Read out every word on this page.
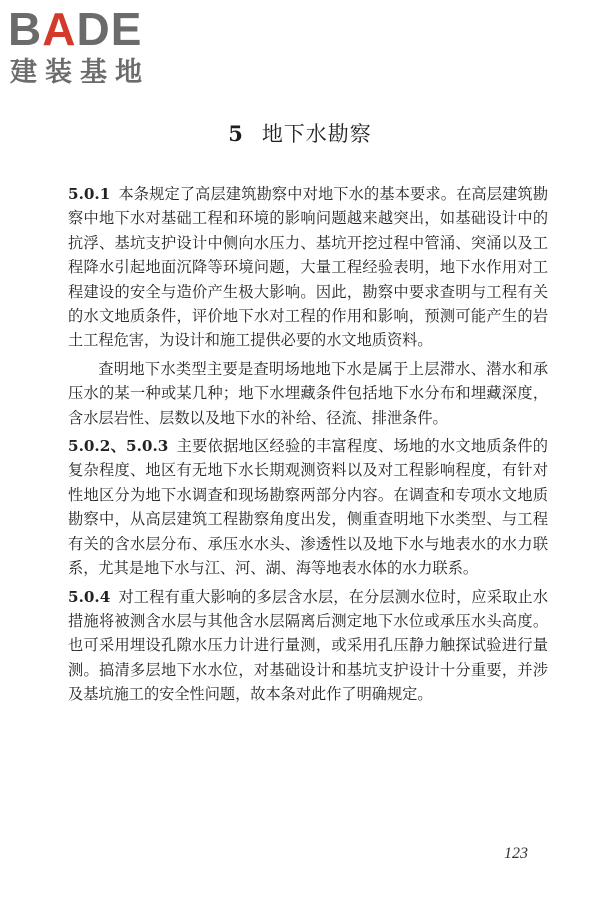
BADE
建装基地
5 地下水勘察

5.0.1 本条规定了高层建筑勘察中对地下水的基本要求。在高层建筑勘察中地下水对基础工程和环境的影响问题越来越突出，如基础设计中的抗浮、基坑支护设计中侧向水压力、基坑开挖过程中管涌、突涌以及工程降水引起地面沉降等环境问题，大量工程经验表明，地下水作用对工程建设的安全与造价产生极大影响。因此，勘察中要求查明与工程有关的水文地质条件，评价地下水对工程的作用和影响，预测可能产生的岩土工程危害，为设计和施工提供必要的水文地质资料。

查明地下水类型主要是查明场地地下水是属于上层滞水、潜水和承压水的某一种或某几种；地下水埋藏条件包括地下水分布和埋藏深度，含水层岩性、层数以及地下水的补给、径流、排泄条件。

5.0.2、5.0.3 主要依据地区经验的丰富程度、场地的水文地质条件的复杂程度、地区有无地下水长期观测资料以及对工程影响程度，有针对性地区分为地下水调查和现场勘察两部分内容。在调查和专项水文地质勘察中，从高层建筑工程勘察角度出发，侧重查明地下水类型、与工程有关的含水层分布、承压水水头、渗透性以及地下水与地表水的水力联系，尤其是地下水与江、河、湖、海等地表水体的水力联系。

5.0.4 对工程有重大影响的多层含水层，在分层测水位时，应采取止水措施将被测含水层与其他含水层隔离后测定地下水位或承压水头高度。也可采用埋设孔隙水压力计进行量测，或采用孔压静力触探试验进行量测。搞清多层地下水水位，对基础设计和基坑支护设计十分重要，并涉及基坑施工的安全性问题，故本条对此作了明确规定。

123
